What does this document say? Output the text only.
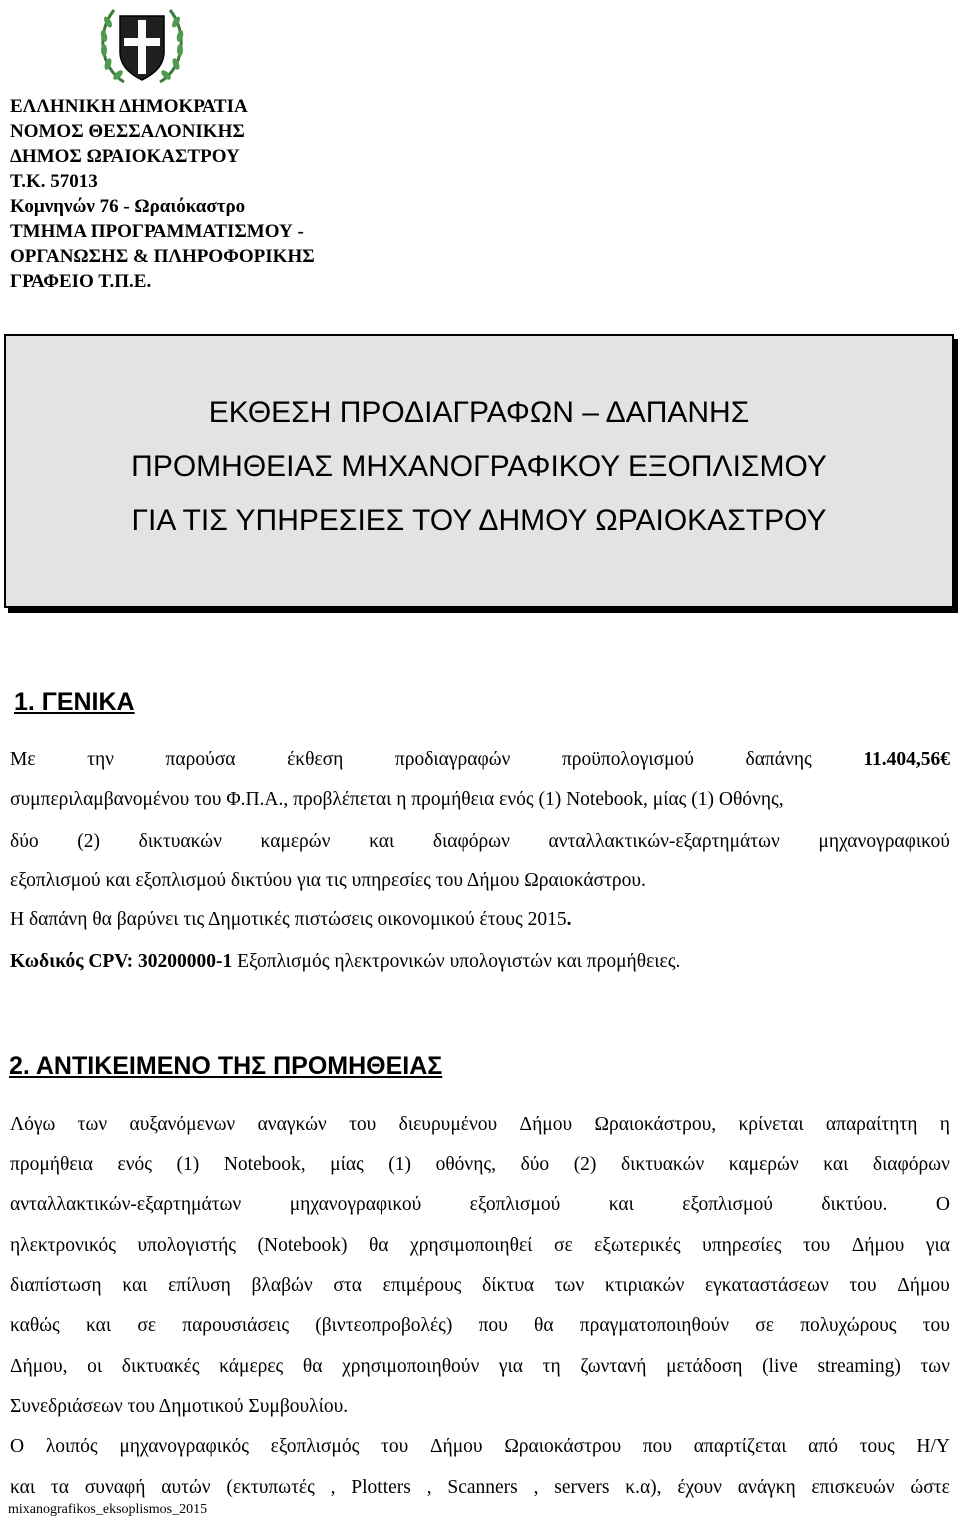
ΕΛΛΗΝΙΚΗ ΔΗΜΟΚΡΑΤΙΑ
ΝΟΜΟΣ ΘΕΣΣΑΛΟΝΙΚΗΣ
ΔΗΜΟΣ ΩΡΑΙΟΚΑΣΤΡΟΥ
Τ.Κ. 57013
Κομνηνών 76 - Ωραιόκαστρο
ΤΜΗΜΑ ΠΡΟΓΡΑΜΜΑΤΙΣΜΟΥ -
ΟΡΓΑΝΩΣΗΣ & ΠΛΗΡΟΦΟΡΙΚΗΣ
ΓΡΑΦΕΙΟ Τ.Π.Ε.
ΕΚΘΕΣΗ ΠΡΟΔΙΑΓΡΑΦΩΝ – ΔΑΠΑΝΗΣ
ΠΡΟΜΗΘΕΙΑΣ ΜΗΧΑΝΟΓΡΑΦΙΚΟΥ ΕΞΟΠΛΙΣΜΟΥ
ΓΙΑ ΤΙΣ ΥΠΗΡΕΣΙΕΣ ΤΟΥ ΔΗΜΟΥ ΩΡΑΙΟΚΑΣΤΡΟΥ
1. ΓΕΝΙΚΑ
Με	την	παρούσα	έκθεση	προδιαγραφών	προϋπολογισμού	δαπάνης	11.404,56€
συμπεριλαμβανομένου του Φ.Π.Α., προβλέπεται η προμήθεια ενός (1) Notebook, μίας (1) Οθόνης,
δύο (2) δικτυακών καμερών και διαφόρων ανταλλακτικών-εξαρτημάτων μηχανογραφικού
εξοπλισμού και εξοπλισμού δικτύου για τις υπηρεσίες του Δήμου Ωραιοκάστρου.
Η δαπάνη θα βαρύνει τις Δημοτικές πιστώσεις οικονομικού έτους 2015.
Κωδικός CPV: 30200000-1 Εξοπλισμός ηλεκτρονικών υπολογιστών και προμήθειες.
2. ΑΝΤΙΚΕΙΜΕΝΟ ΤΗΣ ΠΡΟΜΗΘΕΙΑΣ
Λόγω των αυξανόμενων αναγκών του διευρυμένου Δήμου Ωραιοκάστρου, κρίνεται απαραίτητη η
προμήθεια ενός (1) Notebook, μίας (1) οθόνης, δύο (2) δικτυακών καμερών και διαφόρων
ανταλλακτικών-εξαρτημάτων μηχανογραφικού εξοπλισμού και εξοπλισμού δικτύου. Ο
ηλεκτρονικός υπολογιστής (Notebook) θα χρησιμοποιηθεί σε εξωτερικές υπηρεσίες του Δήμου για
διαπίστωση και επίλυση βλαβών στα επιμέρους δίκτυα των κτιριακών εγκαταστάσεων του Δήμου
καθώς και σε παρουσιάσεις (βιντεοπροβολές) που θα πραγματοποιηθούν σε πολυχώρους του
Δήμου, οι δικτυακές κάμερες θα χρησιμοποιηθούν για τη ζωντανή μετάδοση (live streaming) των
Συνεδριάσεων του Δημοτικού Συμβουλίου.
Ο λοιπός μηχανογραφικός εξοπλισμός του Δήμου Ωραιοκάστρου που απαρτίζεται από τους Η/Υ
και τα συναφή αυτών (εκτυπωτές , Plotters , Scanners , servers κ.α), έχουν ανάγκη επισκευών ώστε
mixanografikos_eksoplismos_2015
